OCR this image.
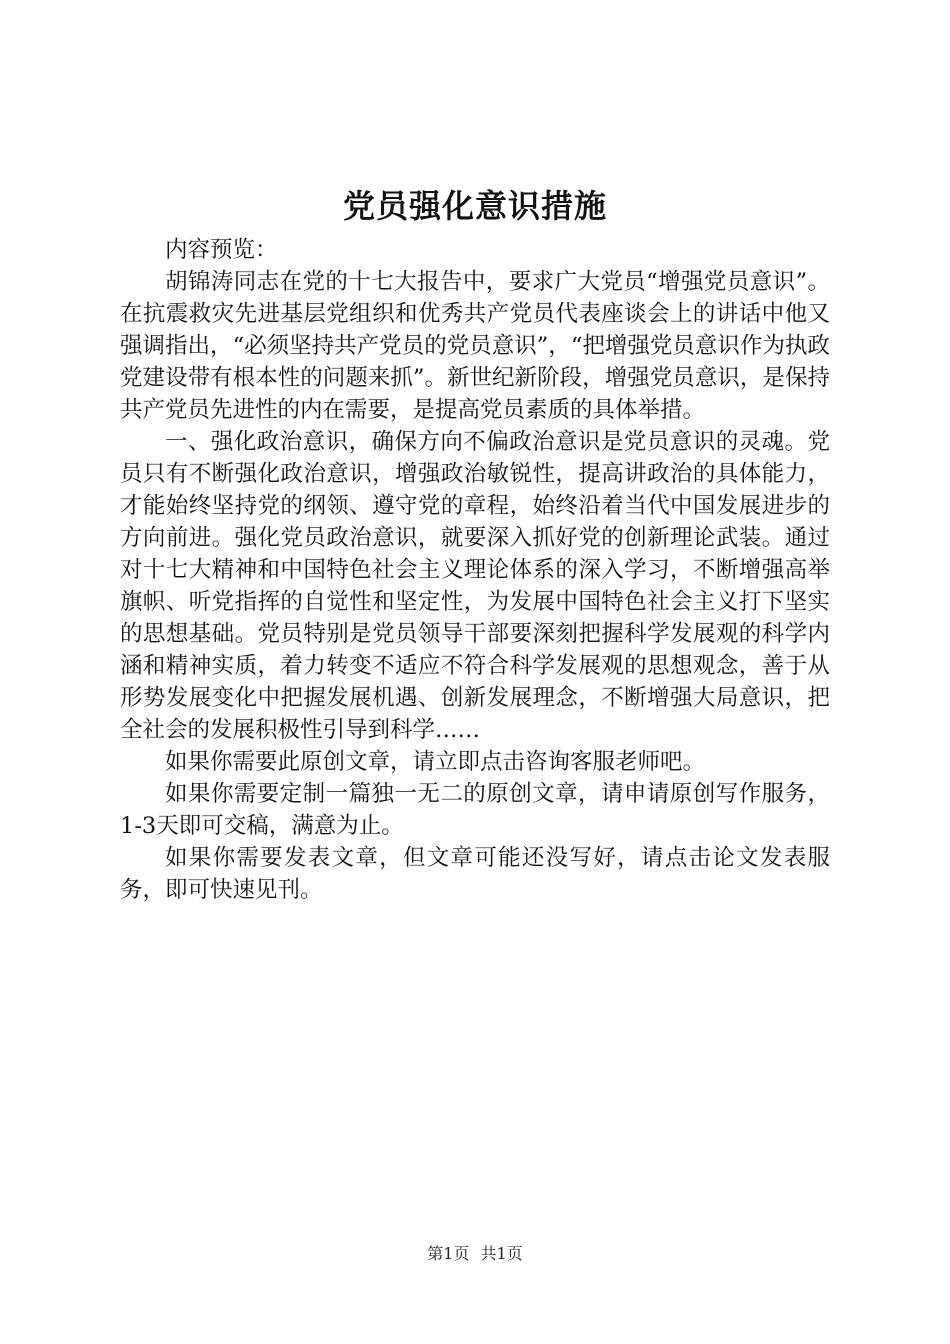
党员强化意识措施

内容预览：

胡锦涛同志在党的十七大报告中，要求广大党员“增强党员意识”。在抗震救灾先进基层党组织和优秀共产党员代表座谈会上的讲话中他又强调指出，“必须坚持共产党员的党员意识”，“把增强党员意识作为执政党建设带有根本性的问题来抓”。新世纪新阶段，增强党员意识，是保持共产党员先进性的内在需要，是提高党员素质的具体举措。

一、强化政治意识，确保方向不偏政治意识是党员意识的灵魂。党员只有不断强化政治意识，增强政治敏锐性，提高讲政治的具体能力，才能始终坚持党的纲领、遵守党的章程，始终沿着当代中国发展进步的方向前进。强化党员政治意识，就要深入抓好党的创新理论武装。通过对十七大精神和中国特色社会主义理论体系的深入学习，不断增强高举旗帜、听党指挥的自觉性和坚定性，为发展中国特色社会主义打下坚实的思想基础。党员特别是党员领导干部要深刻把握科学发展观的科学内涵和精神实质，着力转变不适应不符合科学发展观的思想观念，善于从形势发展变化中把握发展机遇、创新发展理念，不断增强大局意识，把全社会的发展积极性引导到科学……

如果你需要此原创文章，请立即点击咨询客服老师吧。

如果你需要定制一篇独一无二的原创文章，请申请原创写作服务，1-3天即可交稿，满意为止。

如果你需要发表文章，但文章可能还没写好，请点击论文发表服务，即可快速见刊。

第1页 共1页
